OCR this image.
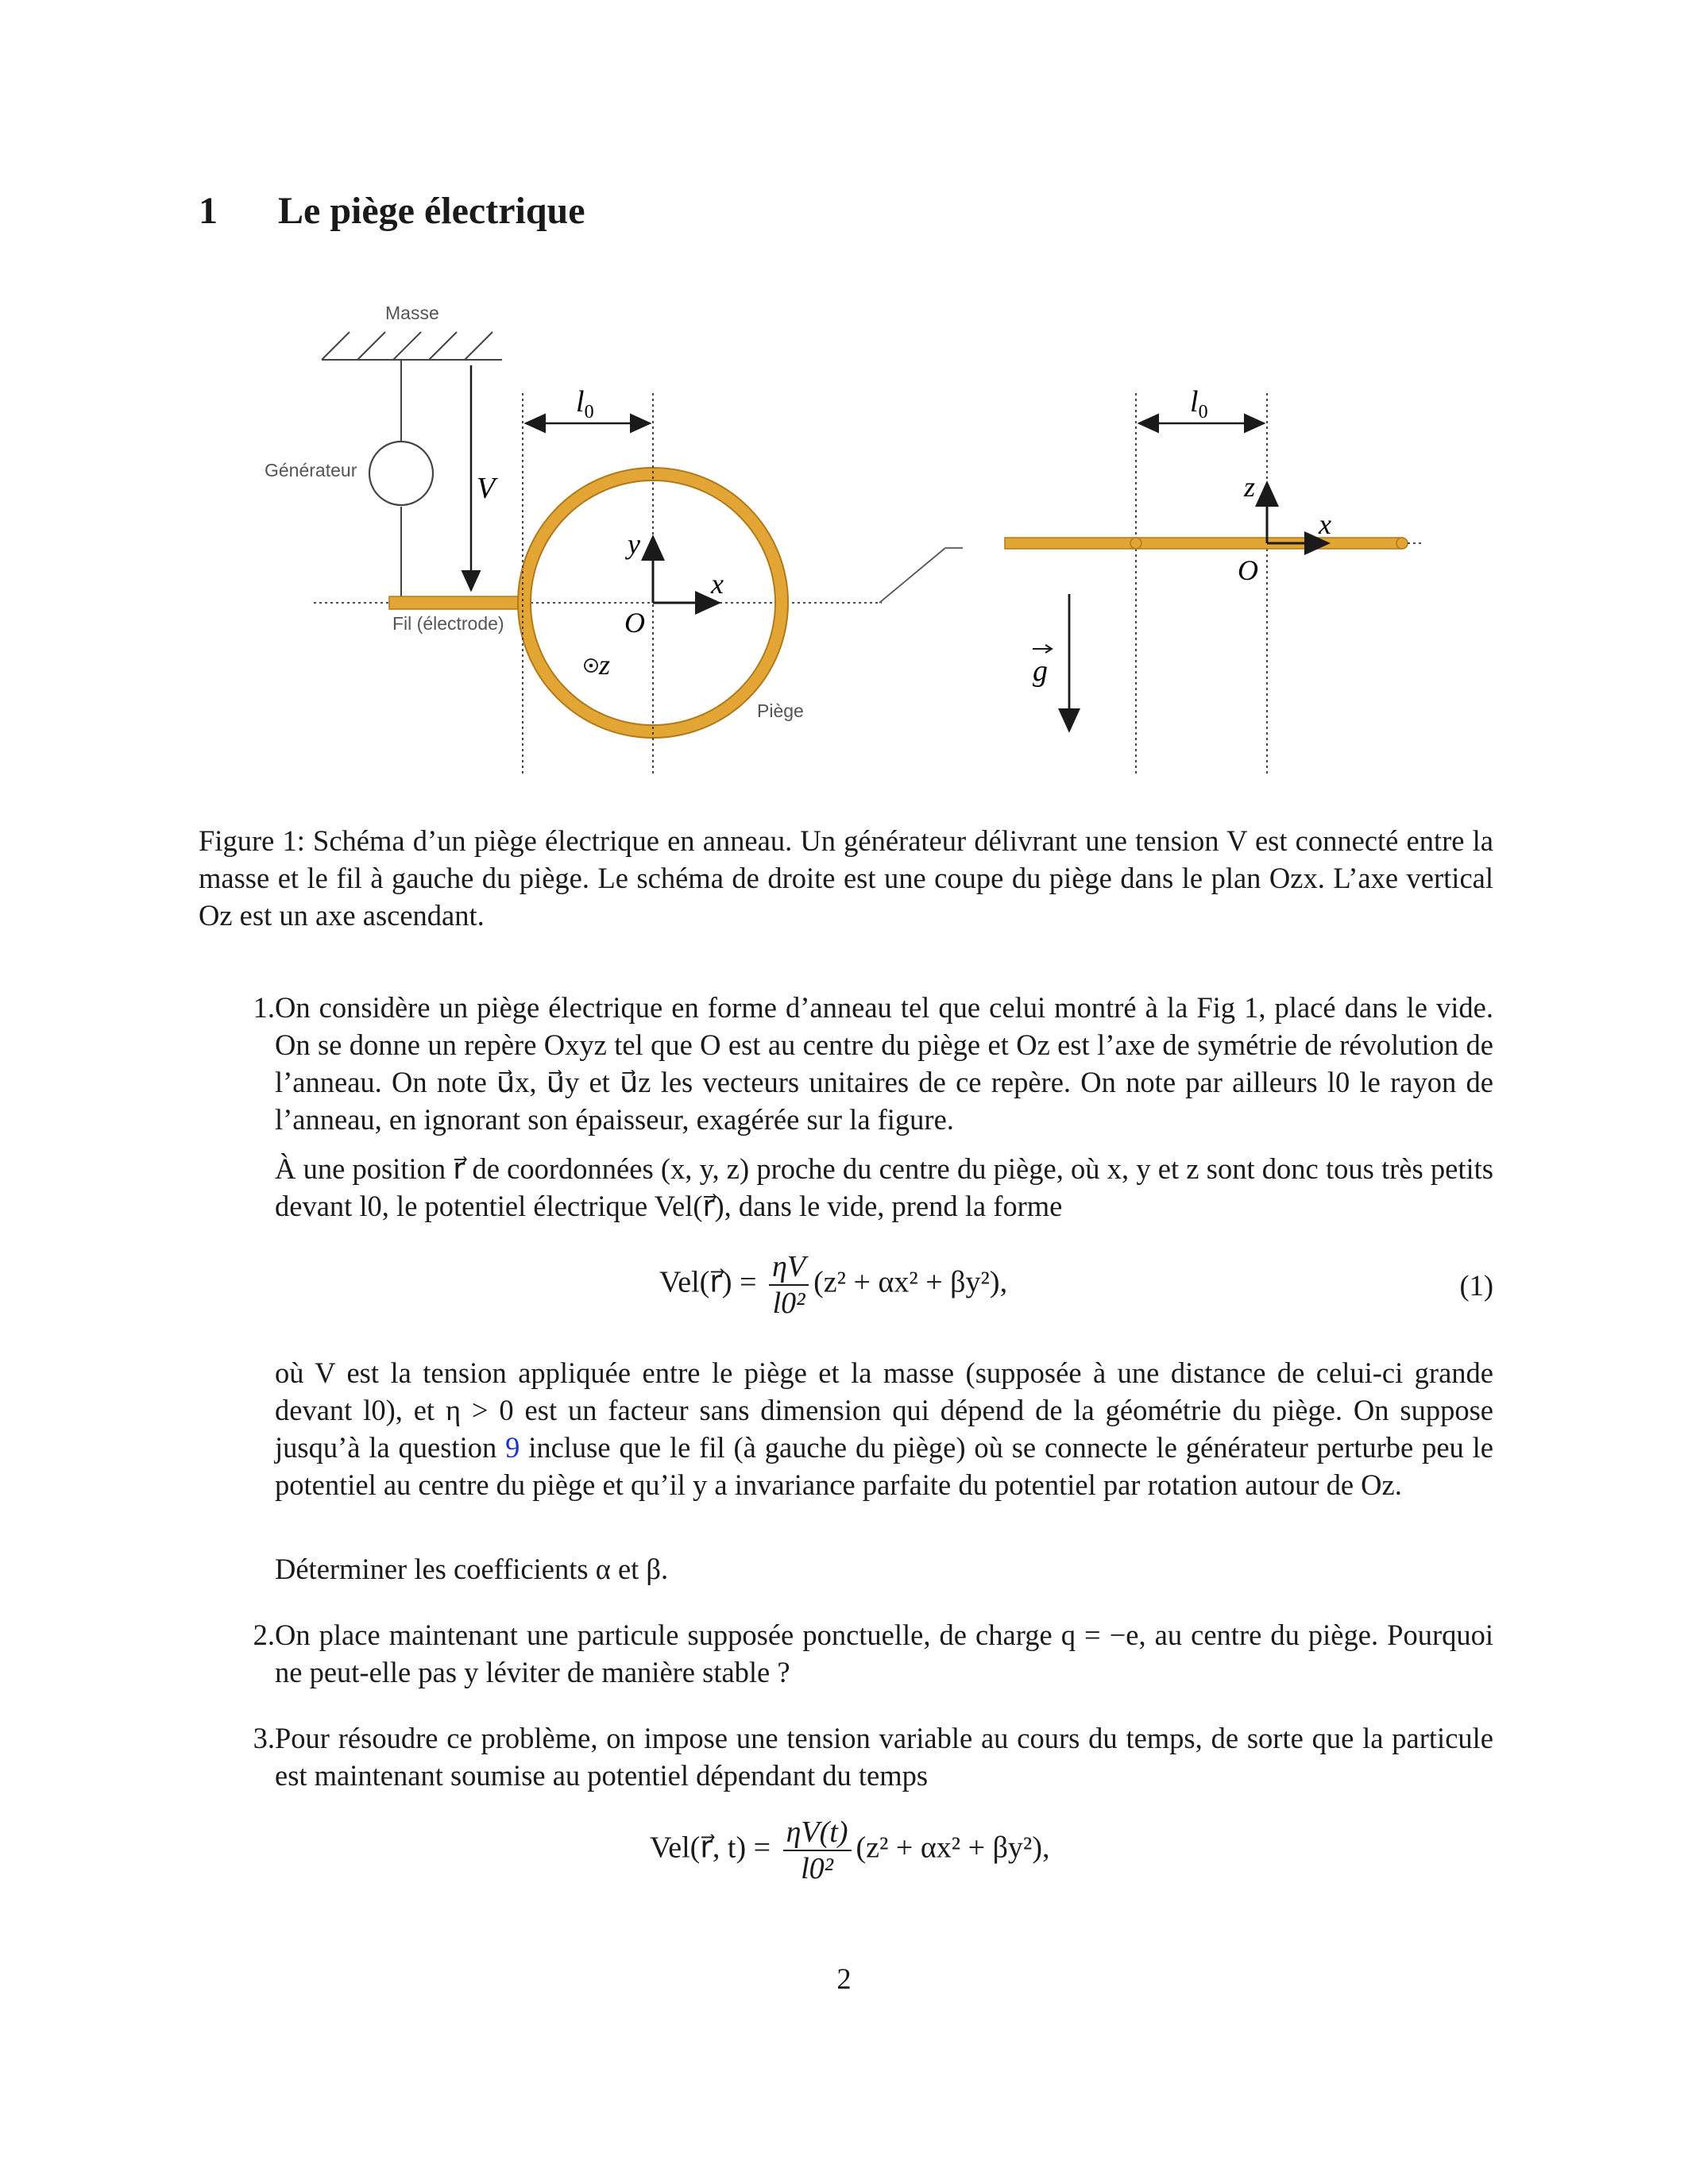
1 Le piège électrique
Masse
Générateur
V
Fil (électrode)
Piège
$l_0$
x
y
O
z
$l_0$
z
x
O
g
Figure 1: Schéma d’un piège électrique en anneau. Un générateur délivrant une tension V est connecté entre la masse et le fil à gauche du piège. Le schéma de droite est une coupe du piège dans le plan Ozx. L’axe vertical Oz est un axe ascendant.
1. On considère un piège électrique en forme d’anneau tel que celui montré à la Fig 1, placé dans le vide. On se donne un repère Oxyz tel que O est au centre du piège et Oz est l’axe de symétrie de révolution de l’anneau. On note u⃗x, u⃗y et u⃗z les vecteurs unitaires de ce repère. On note par ailleurs l0 le rayon de l’anneau, en ignorant son épaisseur, exagérée sur la figure.
À une position r⃗ de coordonnées (x, y, z) proche du centre du piège, où x, y et z sont donc tous très petits devant l0, le potentiel électrique Vel(r⃗), dans le vide, prend la forme
Vel(r⃗) = $\frac{\eta V}{\text{l0²}} (z^2 + \alpha x^2 + \beta y^2)$,	(1)
où V est la tension appliquée entre le piège et la masse (supposée à une distance de celui-ci grande devant l0), et η > 0 est un facteur sans dimension qui dépend de la géométrie du piège. On suppose jusqu’à la question 9 incluse que le fil (à gauche du piège) où se connecte le générateur perturbe peu le potentiel au centre du piège et qu’il y a invariance parfaite du potentiel par rotation autour de Oz.
Déterminer les coefficients α et β.
2. On place maintenant une particule supposée ponctuelle, de charge q = −e, au centre du piège. Pourquoi ne peut-elle pas y léviter de manière stable ?
3. Pour résoudre ce problème, on impose une tension variable au cours du temps, de sorte que la particule est maintenant soumise au potentiel dépendant du temps
Vel(r⃗, $t) = \frac{\eta V(t)}{\text{l0²}} (z^2 + \alpha x^2 + \beta y^2)$,
2
